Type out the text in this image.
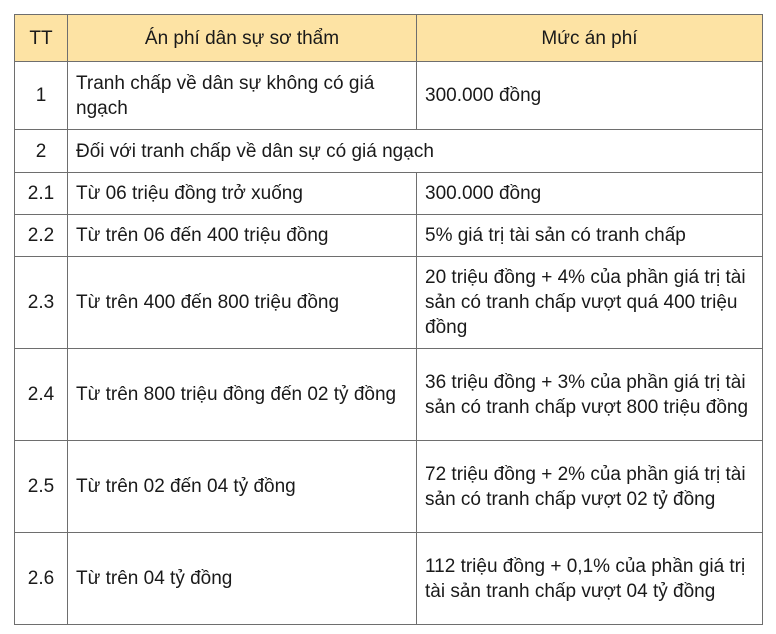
TT	Án phí dân sự sơ thẩm	Mức án phí
1	Tranh chấp về dân sự không có giá ngạch	300.000 đồng
2	Đối với tranh chấp về dân sự có giá ngạch	
2.1	Từ 06 triệu đồng trở xuống	300.000 đồng
2.2	Từ trên 06 đến 400 triệu đồng	5% giá trị tài sản có tranh chấp
2.3	Từ trên 400 đến 800 triệu đồng	20 triệu đồng + 4% của phần giá trị tài sản có tranh chấp vượt quá 400 triệu đồng
2.4	Từ trên 800 triệu đồng đến 02 tỷ đồng	36 triệu đồng + 3% của phần giá trị tài sản có tranh chấp vượt 800 triệu đồng
2.5	Từ trên 02 đến 04 tỷ đồng	72 triệu đồng + 2% của phần giá trị tài sản có tranh chấp vượt 02 tỷ đồng
2.6	Từ trên 04 tỷ đồng	112 triệu đồng + 0,1% của phần giá trị tài sản tranh chấp vượt 04 tỷ đồng
